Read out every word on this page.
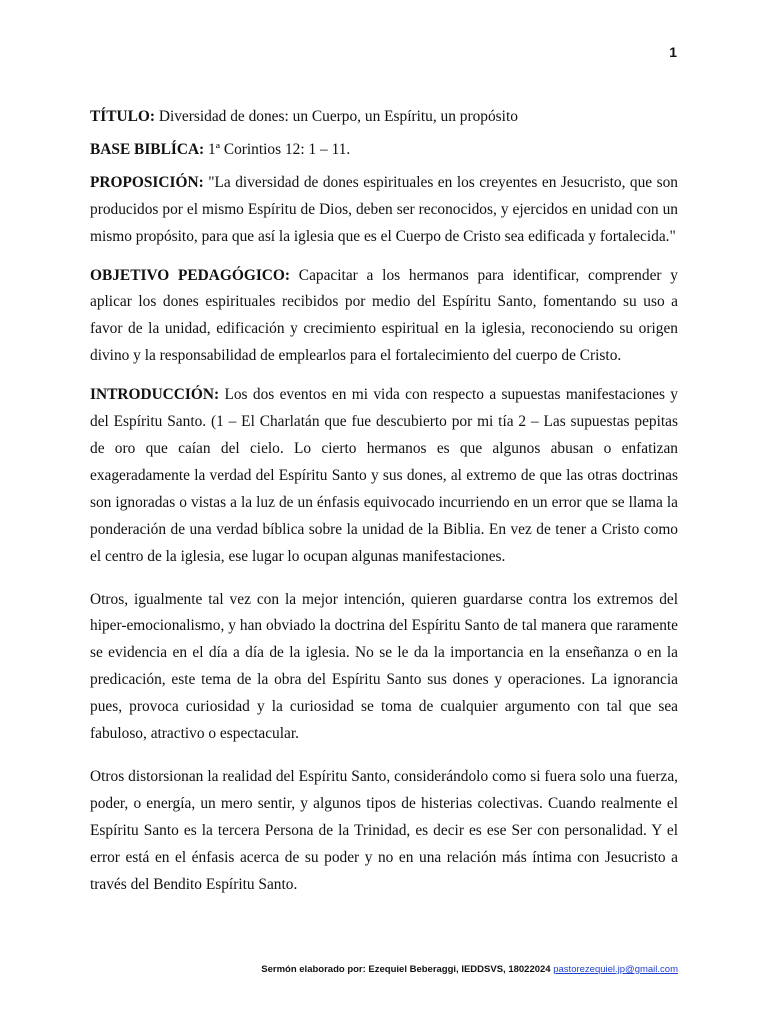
1

TÍTULO: Diversidad de dones: un Cuerpo, un Espíritu, un propósito

BASE BIBLÍCA: 1ª Corintios 12: 1 – 11.

PROPOSICIÓN: "La diversidad de dones espirituales en los creyentes en Jesucristo, que son producidos por el mismo Espíritu de Dios, deben ser reconocidos, y ejercidos en unidad con un mismo propósito, para que así la iglesia que es el Cuerpo de Cristo sea edificada y fortalecida."

OBJETIVO PEDAGÓGICO: Capacitar a los hermanos para identificar, comprender y aplicar los dones espirituales recibidos por medio del Espíritu Santo, fomentando su uso a favor de la unidad, edificación y crecimiento espiritual en la iglesia, reconociendo su origen divino y la responsabilidad de emplearlos para el fortalecimiento del cuerpo de Cristo.

INTRODUCCIÓN: Los dos eventos en mi vida con respecto a supuestas manifestaciones y del Espíritu Santo. (1 – El Charlatán que fue descubierto por mi tía 2 – Las supuestas pepitas de oro que caían del cielo. Lo cierto hermanos es que algunos abusan o enfatizan exageradamente la verdad del Espíritu Santo y sus dones, al extremo de que las otras doctrinas son ignoradas o vistas a la luz de un énfasis equivocado incurriendo en un error que se llama la ponderación de una verdad bíblica sobre la unidad de la Biblia. En vez de tener a Cristo como el centro de la iglesia, ese lugar lo ocupan algunas manifestaciones.

Otros, igualmente tal vez con la mejor intención, quieren guardarse contra los extremos del hiper-emocionalismo, y han obviado la doctrina del Espíritu Santo de tal manera que raramente se evidencia en el día a día de la iglesia. No se le da la importancia en la enseñanza o en la predicación, este tema de la obra del Espíritu Santo sus dones y operaciones. La ignorancia pues, provoca curiosidad y la curiosidad se toma de cualquier argumento con tal que sea fabuloso, atractivo o espectacular.

Otros distorsionan la realidad del Espíritu Santo, considerándolo como si fuera solo una fuerza, poder, o energía, un mero sentir, y algunos tipos de histerias colectivas. Cuando realmente el Espíritu Santo es la tercera Persona de la Trinidad, es decir es ese Ser con personalidad. Y el error está en el énfasis acerca de su poder y no en una relación más íntima con Jesucristo a través del Bendito Espíritu Santo.

Sermón elaborado por: Ezequiel Beberaggi, IEDDSVS, 18022024 pastorezequiel.jp@gmail.com
